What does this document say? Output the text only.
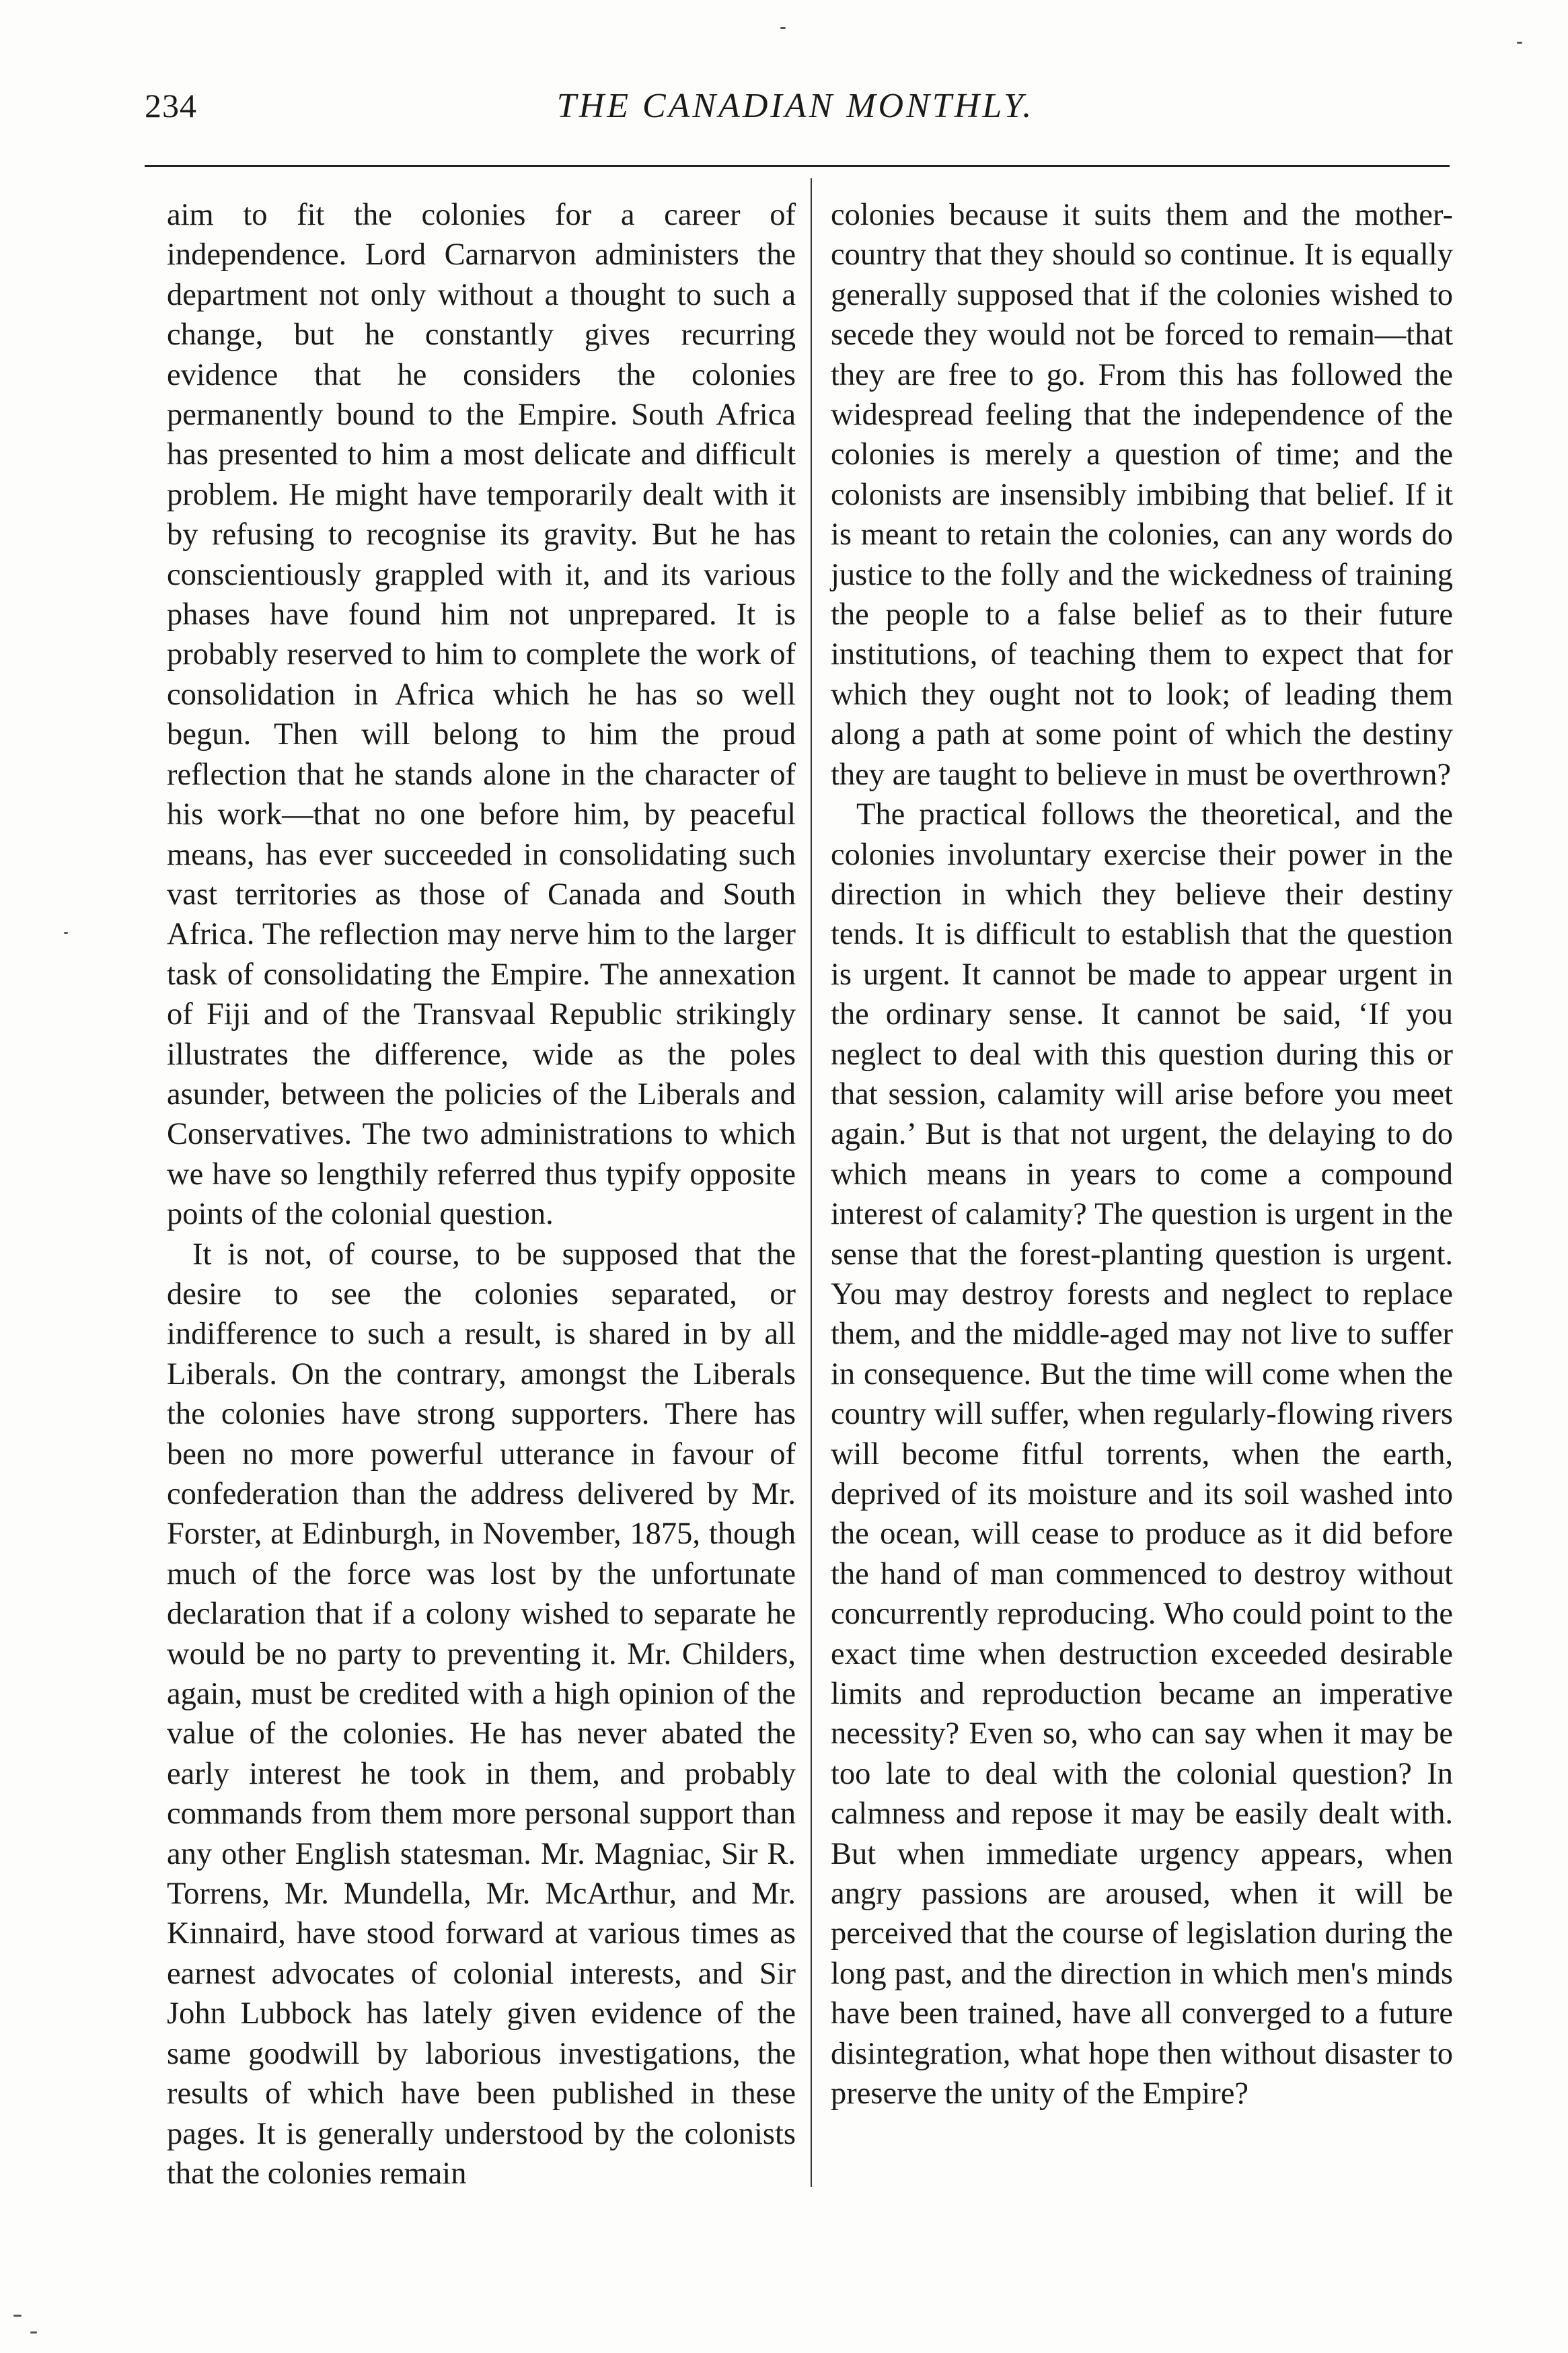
234	THE CANADIAN MONTHLY.

aim to fit the colonies for a career of independence. Lord Carnarvon administers the department not only without a thought to such a change, but he constantly gives recurring evidence that he considers the colonies permanently bound to the Empire. South Africa has presented to him a most delicate and difficult problem. He might have temporarily dealt with it by refusing to recognise its gravity. But he has conscientiously grappled with it, and its various phases have found him not unprepared. It is probably reserved to him to complete the work of consolidation in Africa which he has so well begun. Then will belong to him the proud reflection that he stands alone in the character of his work—that no one before him, by peaceful means, has ever succeeded in consolidating such vast territories as those of Canada and South Africa. The reflection may nerve him to the larger task of consolidating the Empire. The annexation of Fiji and of the Transvaal Republic strikingly illustrates the difference, wide as the poles asunder, between the policies of the Liberals and Conservatives. The two administrations to which we have so lengthily referred thus typify opposite points of the colonial question.

It is not, of course, to be supposed that the desire to see the colonies separated, or indifference to such a result, is shared in by all Liberals. On the contrary, amongst the Liberals the colonies have strong supporters. There has been no more powerful utterance in favour of confederation than the address delivered by Mr. Forster, at Edinburgh, in November, 1875, though much of the force was lost by the unfortunate declaration that if a colony wished to separate he would be no party to preventing it. Mr. Childers, again, must be credited with a high opinion of the value of the colonies. He has never abated the early interest he took in them, and probably commands from them more personal support than any other English statesman. Mr. Magniac, Sir R. Torrens, Mr. Mundella, Mr. McArthur, and Mr. Kinnaird, have stood forward at various times as earnest advocates of colonial interests, and Sir John Lubbock has lately given evidence of the same goodwill by laborious investigations, the results of which have been published in these pages. It is generally understood by the colonists that the colonies remain

colonies because it suits them and the mother-country that they should so continue. It is equally generally supposed that if the colonies wished to secede they would not be forced to remain—that they are free to go. From this has followed the widespread feeling that the independence of the colonies is merely a question of time; and the colonists are insensibly imbibing that belief. If it is meant to retain the colonies, can any words do justice to the folly and the wickedness of training the people to a false belief as to their future institutions, of teaching them to expect that for which they ought not to look; of leading them along a path at some point of which the destiny they are taught to believe in must be overthrown?

The practical follows the theoretical, and the colonies involuntary exercise their power in the direction in which they believe their destiny tends. It is difficult to establish that the question is urgent. It cannot be made to appear urgent in the ordinary sense. It cannot be said, ‘If you neglect to deal with this question during this or that session, calamity will arise before you meet again.’ But is that not urgent, the delaying to do which means in years to come a compound interest of calamity? The question is urgent in the sense that the forest-planting question is urgent. You may destroy forests and neglect to replace them, and the middle-aged may not live to suffer in consequence. But the time will come when the country will suffer, when regularly-flowing rivers will become fitful torrents, when the earth, deprived of its moisture and its soil washed into the ocean, will cease to produce as it did before the hand of man commenced to destroy without concurrently reproducing. Who could point to the exact time when destruction exceeded desirable limits and reproduction became an imperative necessity? Even so, who can say when it may be too late to deal with the colonial question? In calmness and repose it may be easily dealt with. But when immediate urgency appears, when angry passions are aroused, when it will be perceived that the course of legislation during the long past, and the direction in which men's minds have been trained, have all converged to a future disintegration, what hope then without disaster to preserve the unity of the Empire?
